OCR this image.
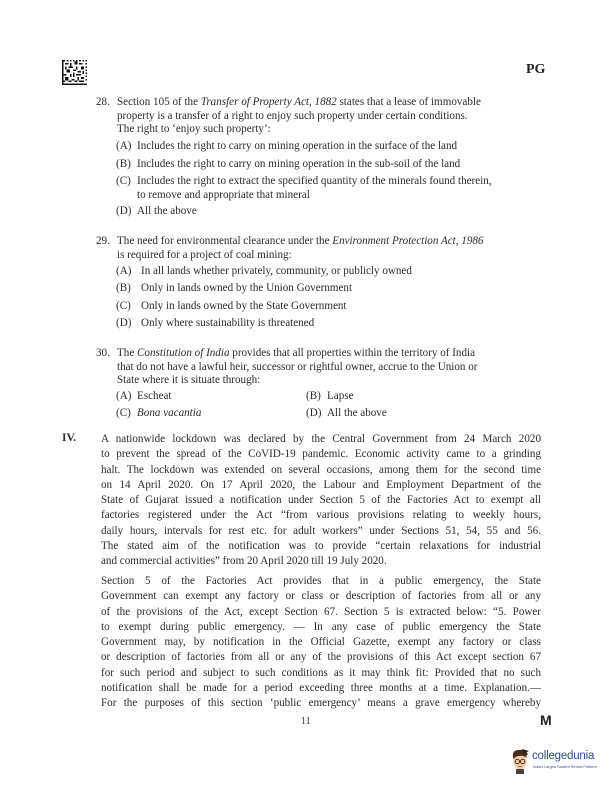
PG
28. Section 105 of the Transfer of Property Act, 1882 states that a lease of immovable
property is a transfer of a right to enjoy such property under certain conditions.
The right to ‘enjoy such property’:
(A) Includes the right to carry on mining operation in the surface of the land
(B) Includes the right to carry on mining operation in the sub-soil of the land
(C) Includes the right to extract the specified quantity of the minerals found therein,
to remove and appropriate that mineral
(D) All the above
29. The need for environmental clearance under the Environment Protection Act, 1986
is required for a project of coal mining:
(A) In all lands whether privately, community, or publicly owned
(B) Only in lands owned by the Union Government
(C) Only in lands owned by the State Government
(D) Only where sustainability is threatened
30. The Constitution of India provides that all properties within the territory of India
that do not have a lawful heir, successor or rightful owner, accrue to the Union or
State where it is situate through:
(A) Escheat	(B) Lapse
(C) Bona vacantia	(D) All the above
IV. A nationwide lockdown was declared by the Central Government from 24 March 2020
to prevent the spread of the CoVID-19 pandemic. Economic activity came to a grinding
halt. The lockdown was extended on several occasions, among them for the second time
on 14 April 2020. On 17 April 2020, the Labour and Employment Department of the
State of Gujarat issued a notification under Section 5 of the Factories Act to exempt all
factories registered under the Act “from various provisions relating to weekly hours,
daily hours, intervals for rest etc. for adult workers” under Sections 51, 54, 55 and 56.
The stated aim of the notification was to provide “certain relaxations for industrial
and commercial activities” from 20 April 2020 till 19 July 2020.
Section 5 of the Factories Act provides that in a public emergency, the State
Government can exempt any factory or class or description of factories from all or any
of the provisions of the Act, except Section 67. Section 5 is extracted below: “5. Power
to exempt during public emergency. — In any case of public emergency the State
Government may, by notification in the Official Gazette, exempt any factory or class
or description of factories from all or any of the provisions of this Act except section 67
for such period and subject to such conditions as it may think fit: Provided that no such
notification shall be made for a period exceeding three months at a time. Explanation.—
For the purposes of this section ‘public emergency’ means a grave emergency whereby
11	M
collegedunia
India's Largest Student Review Platform
